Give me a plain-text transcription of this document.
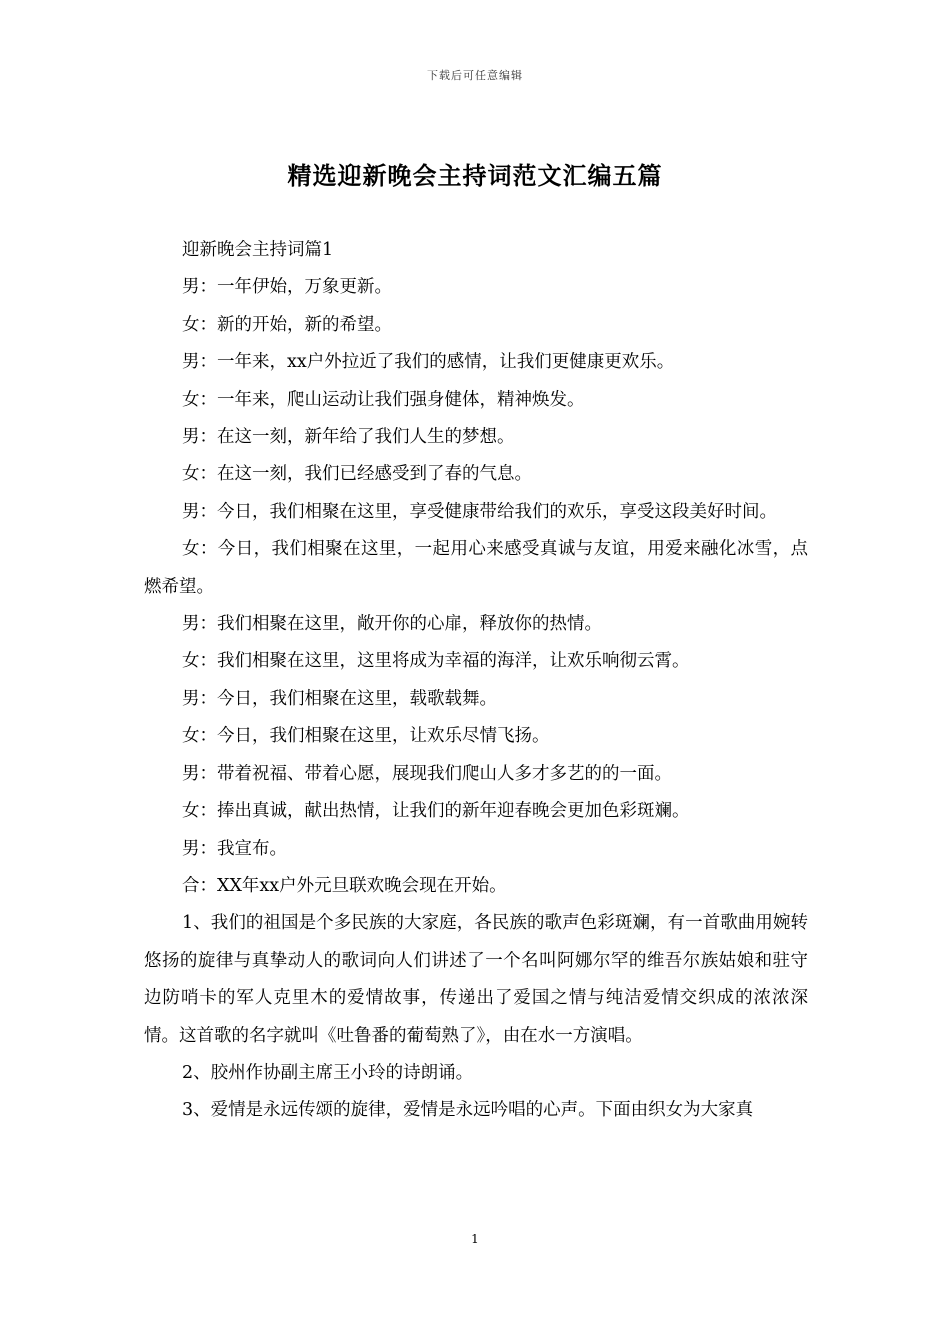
下载后可任意编辑
精选迎新晚会主持词范文汇编五篇

迎新晚会主持词篇1

男：一年伊始，万象更新。

女：新的开始，新的希望。

男：一年来，xx户外拉近了我们的感情，让我们更健康更欢乐。

女：一年来，爬山运动让我们强身健体，精神焕发。

男：在这一刻，新年给了我们人生的梦想。

女：在这一刻，我们已经感受到了春的气息。

男：今日，我们相聚在这里，享受健康带给我们的欢乐，享受这段美好时间。

女：今日，我们相聚在这里，一起用心来感受真诚与友谊，用爱来融化冰雪，点燃希望。

男：我们相聚在这里，敞开你的心扉，释放你的热情。

女：我们相聚在这里，这里将成为幸福的海洋，让欢乐响彻云霄。

男：今日，我们相聚在这里，载歌载舞。

女：今日，我们相聚在这里，让欢乐尽情飞扬。

男：带着祝福、带着心愿，展现我们爬山人多才多艺的的一面。

女：捧出真诚，献出热情，让我们的新年迎春晚会更加色彩斑斓。

男：我宣布。

合：XX年xx户外元旦联欢晚会现在开始。

1、我们的祖国是个多民族的大家庭，各民族的歌声色彩斑斓，有一首歌曲用婉转悠扬的旋律与真挚动人的歌词向人们讲述了一个名叫阿娜尔罕的维吾尔族姑娘和驻守边防哨卡的军人克里木的爱情故事，传递出了爱国之情与纯洁爱情交织成的浓浓深情。这首歌的名字就叫《吐鲁番的葡萄熟了》，由在水一方演唱。

2、胶州作协副主席王小玲的诗朗诵。

3、爱情是永远传颂的旋律，爱情是永远吟唱的心声。下面由织女为大家真

1
